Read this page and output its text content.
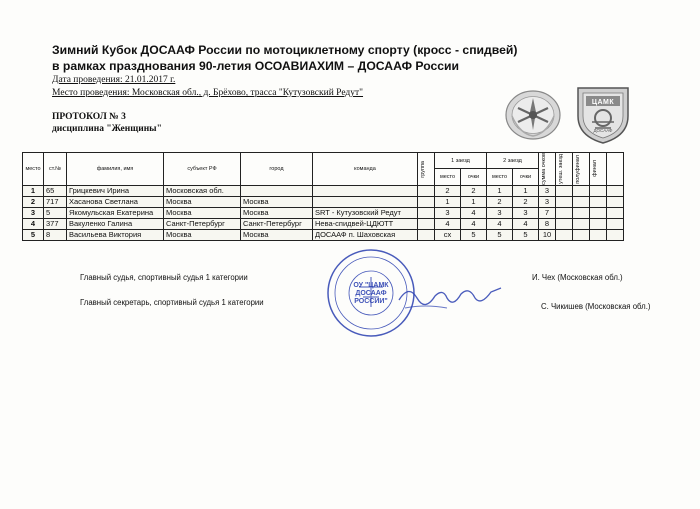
Зимний Кубок ДОСААФ России по мотоциклетному спорту (кросс - спидвей)
в рамках празднования 90-летия ОСОАВИАХИМ – ДОСААФ России
Дата проведения: 21.01.2017 г.
Место проведения: Московская обл., д. Брёхово, трасса "Кутузовский Редут"
ПРОТОКОЛ № 3
дисциплина "Женщины"
ЦАМК
ДОСААФ
место	ст.№	фамилия, имя	субъект РФ	город	команда	группа	1 заезд		2 заезд		сумма очков	утеш. заезд	полуфинал	финал	

							место	очки	место	очки					
1	65	Грицкевич Ирина	Московская обл.				2	2	1	1	3				
2	717	Хасанова Светлана	Москва	Москва			1	1	2	2	3				
3	5	Якомульская Екатерина	Москва	Москва	SRT - Кутузовский Редут		3	4	3	3	7				
4	377	Вакуленко Галина	Санкт-Петербург	Санкт-Петербург	Нева-спидвей-ЦДЮТТ		4	4	4	4	8				
5	8	Васильева Виктория	Москва	Москва	ДОСААФ п. Шаховская		сх	5	5	5	10				
ОУ "ЦАМК ДОСААФ РОССИИ"
Главный судья, спортивный судья 1 категории	И. Чех (Московская обл.)
Главный секретарь, спортивный судья 1 категории	С. Чикишев (Московская обл.)
